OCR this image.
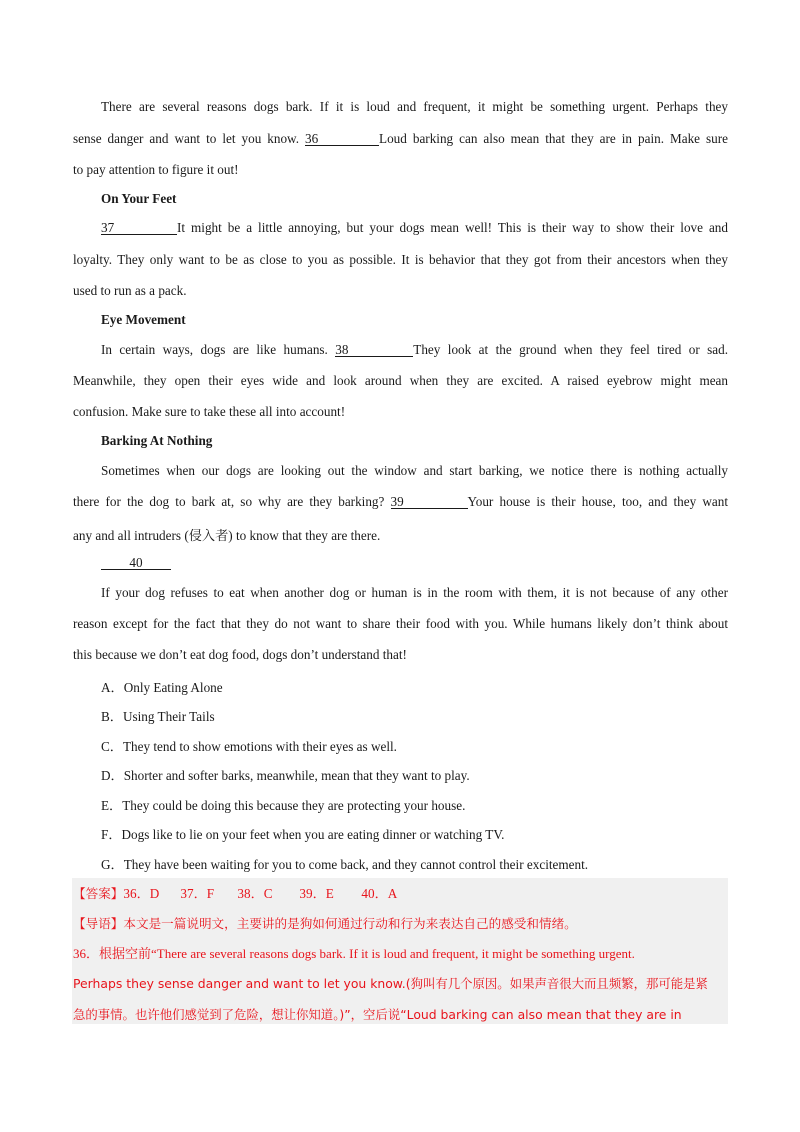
There are several reasons dogs bark. If it is loud and frequent, it might be something urgent. Perhaps they
sense danger and want to let you know. 36	Loud barking can also mean that they are in pain. Make sure
to pay attention to figure it out!
On Your Feet
37	It might be a little annoying, but your dogs mean well! This is their way to show their love and
loyalty. They only want to be as close to you as possible. It is behavior that they got from their ancestors when they
used to run as a pack.
Eye Movement
In certain ways, dogs are like humans. 38	They look at the ground when they feel tired or sad.
Meanwhile, they open their eyes wide and look around when they are excited. A raised eyebrow might mean
confusion. Make sure to take these all into account!
Barking At Nothing
Sometimes when our dogs are looking out the window and start barking, we notice there is nothing actually
there for the dog to bark at, so why are they barking? 39	Your house is their house, too, and they want
any and all intruders (侵入者) to know that they are there.
40
If your dog refuses to eat when another dog or human is in the room with them, it is not because of any other
reason except for the fact that they do not want to share their food with you. While humans likely don’t think about
this because we don’t eat dog food, dogs don’t understand that!
A．Only Eating Alone
B．Using Their Tails
C．They tend to show emotions with their eyes as well.
D．Shorter and softer barks, meanwhile, mean that they want to play.
E．They could be doing this because they are protecting your house.
F．Dogs like to lie on your feet when you are eating dinner or watching TV.
G．They have been waiting for you to come back, and they cannot control their excitement.
【答案】36．D 37．F 38．C 39．E 40．A
【导语】本文是一篇说明文，主要讲的是狗如何通过行动和行为来表达自己的感受和情绪。
36．根据空前“There are several reasons dogs bark. If it is loud and frequent, it might be something urgent.
Perhaps they sense danger and want to let you know.(狗叫有几个原因。如果声音很大而且频繁，那可能是紧
急的事情。也许他们感觉到了危险，想让你知道。)”，空后说“Loud barking can also mean that they are in
